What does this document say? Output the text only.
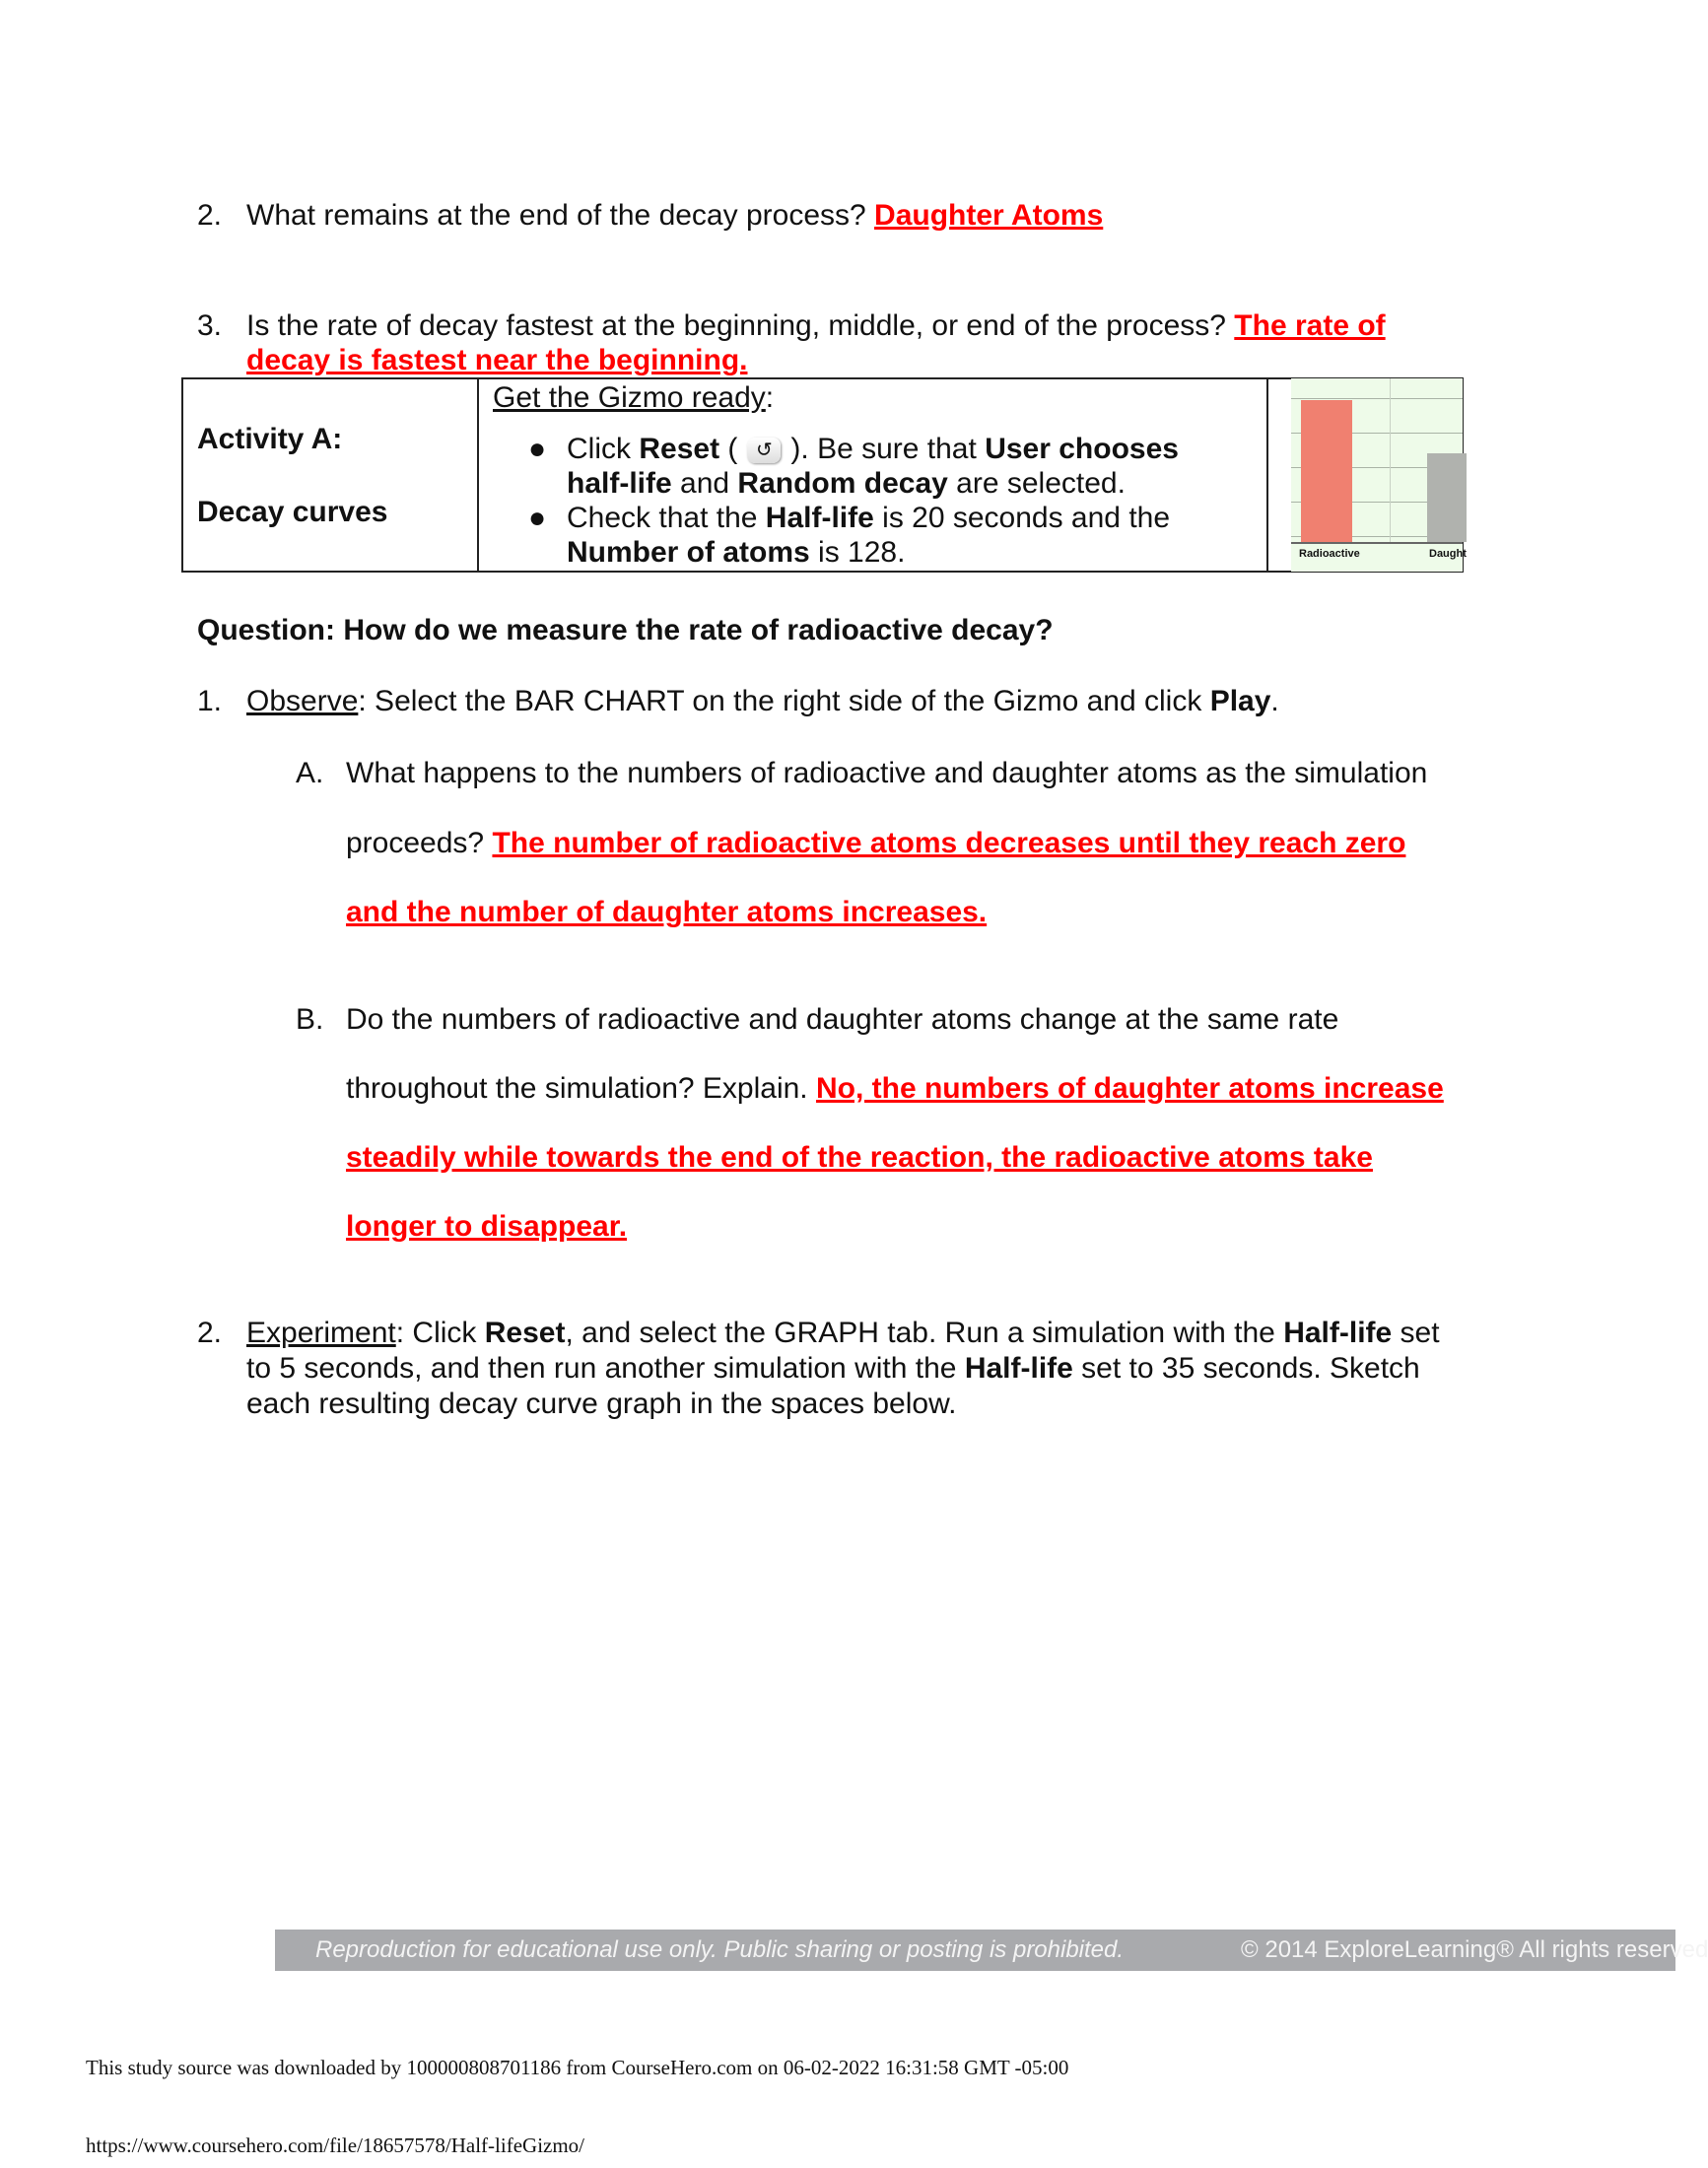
2. What remains at the end of the decay process? Daughter Atoms
3. Is the rate of decay fastest at the beginning, middle, or end of the process? The rate of
decay is fastest near the beginning.
Activity A:
Decay curves
Get the Gizmo ready:
● Click Reset ( ↺ ). Be sure that User chooses
half-life and Random decay are selected.
● Check that the Half-life is 20 seconds and the
Number of atoms is 128.	Radioactive	Daught
Question: How do we measure the rate of radioactive decay?
1. Observe: Select the BAR CHART on the right side of the Gizmo and click Play.
A. What happens to the numbers of radioactive and daughter atoms as the simulation
proceeds? The number of radioactive atoms decreases until they reach zero
and the number of daughter atoms increases.
B. Do the numbers of radioactive and daughter atoms change at the same rate
throughout the simulation? Explain. No, the numbers of daughter atoms increase
steadily while towards the end of the reaction, the radioactive atoms take
longer to disappear.
2. Experiment: Click Reset, and select the GRAPH tab. Run a simulation with the Half-life set
to 5 seconds, and then run another simulation with the Half-life set to 35 seconds. Sketch
each resulting decay curve graph in the spaces below.
Reproduction for educational use only. Public sharing or posting is prohibited.	© 2014 ExploreLearning® All rights reserved
This study source was downloaded by 100000808701186 from CourseHero.com on 06-02-2022 16:31:58 GMT -05:00
https://www.coursehero.com/file/18657578/Half-lifeGizmo/
